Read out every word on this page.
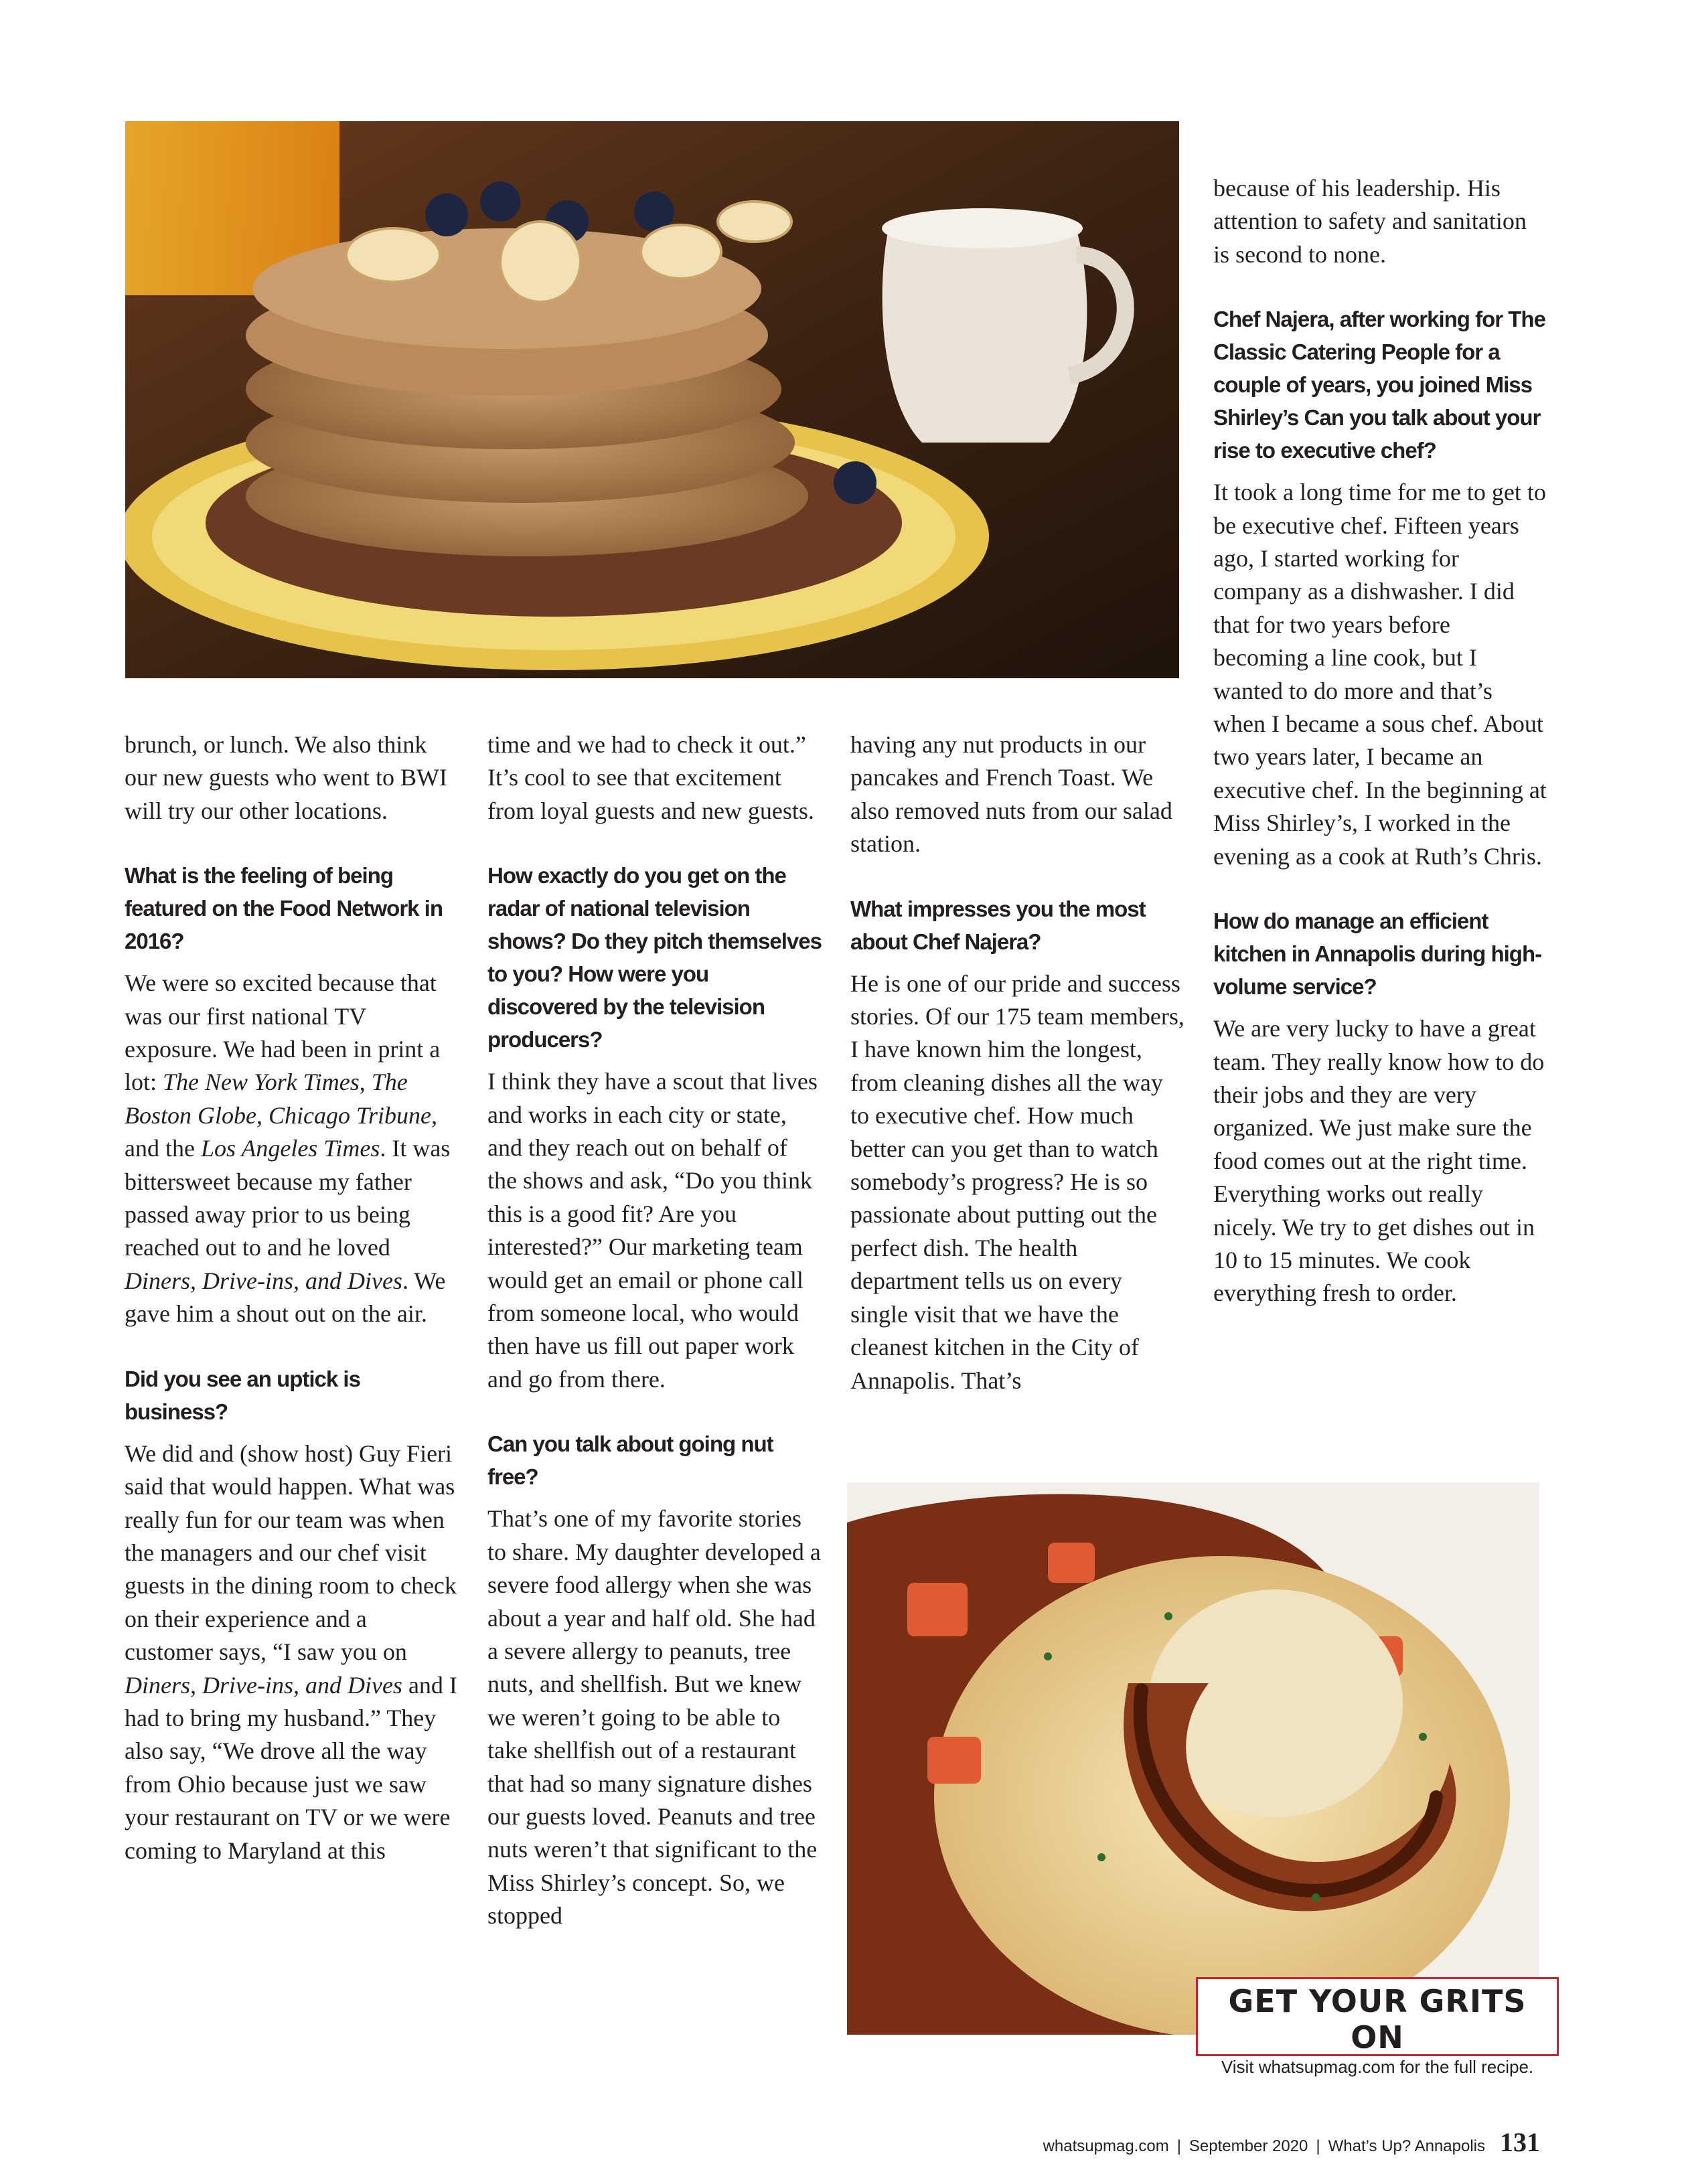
brunch, or lunch. We also think our new guests who went to BWI will try our other locations.

What is the feeling of being featured on the Food Network in 2016?

We were so excited because that was our first national TV exposure. We had been in print a lot: The New York Times, The Boston Globe, Chicago Tribune, and the Los Angeles Times. It was bittersweet because my father passed away prior to us being reached out to and he loved Diners, Drive-ins, and Dives. We gave him a shout out on the air.

Did you see an uptick is business?

We did and (show host) Guy Fieri said that would happen. What was really fun for our team was when the managers and our chef visit guests in the dining room to check on their experience and a customer says, “I saw you on Diners, Drive-ins, and Dives and I had to bring my husband.” They also say, “We drove all the way from Ohio because just we saw your restaurant on TV or we were coming to Maryland at this

time and we had to check it out.” It’s cool to see that excitement from loyal guests and new guests.

How exactly do you get on the radar of national television shows? Do they pitch themselves to you? How were you discovered by the television producers?

I think they have a scout that lives and works in each city or state, and they reach out on behalf of the shows and ask, “Do you think this is a good fit? Are you interested?” Our marketing team would get an email or phone call from someone local, who would then have us fill out paper work and go from there.

Can you talk about going nut free?

That’s one of my favorite stories to share. My daughter developed a severe food allergy when she was about a year and half old. She had a severe allergy to peanuts, tree nuts, and shellfish. But we knew we weren’t going to be able to take shellfish out of a restaurant that had so many signature dishes our guests loved. Peanuts and tree nuts weren’t that significant to the Miss Shirley’s concept. So, we stopped

having any nut products in our pancakes and French Toast. We also removed nuts from our salad station.

What impresses you the most about Chef Najera?

He is one of our pride and success stories. Of our 175 team members, I have known him the longest, from cleaning dishes all the way to executive chef. How much better can you get than to watch somebody’s progress? He is so passionate about putting out the perfect dish. The health department tells us on every single visit that we have the cleanest kitchen in the City of Annapolis. That’s

because of his leadership. His attention to safety and sanitation is second to none.

Chef Najera, after working for The Classic Catering People for a couple of years, you joined Miss Shirley’s Can you talk about your rise to executive chef?

It took a long time for me to get to be executive chef. Fifteen years ago, I started working for company as a dishwasher. I did that for two years before becoming a line cook, but I wanted to do more and that’s when I became a sous chef. About two years later, I became an executive chef. In the beginning at Miss Shirley’s, I worked in the evening as a cook at Ruth’s Chris.

How do manage an efficient kitchen in Annapolis during high-volume service?

We are very lucky to have a great team. They really know how to do their jobs and they are very organized. We just make sure the food comes out at the right time. Everything works out really nicely. We try to get dishes out in 10 to 15 minutes. We cook everything fresh to order.

GET YOUR GRITS ON
Visit whatsupmag.com for the full recipe.
whatsupmag.com | September 2020 | What’s Up? Annapolis 131
